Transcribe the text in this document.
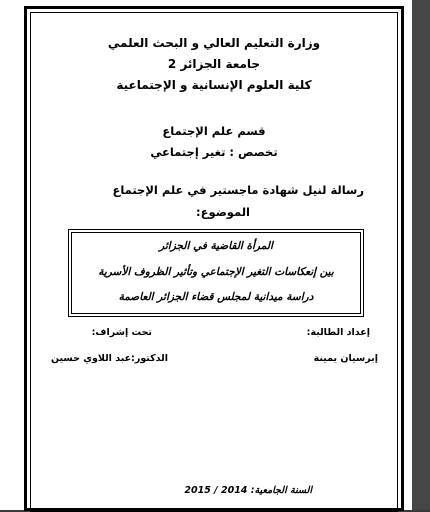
وزارة التعليم العالي و البحث العلمي
جامعة الجزائر 2
كلية العلوم الإنسانية و الإجتماعية
قسم علم الإجتماع
تخصص : تغير إجتماعي
رسالة لنيل شهادة ماجستير في علم الإجتماع
الموضوع:
المرأة القاضية في الجزائر
بين إنعكاسات التغير الإجتماعي وتأثير الظروف الأسرية
دراسة ميدانية لمجلس قضاء الجزائر العاصمة
إعداد الطالبة:
تحت إشراف:
إبرسيان يمينة
الدكتور:عبد اللاوي حسين
السنة الجامعية: 2014 / 2015
